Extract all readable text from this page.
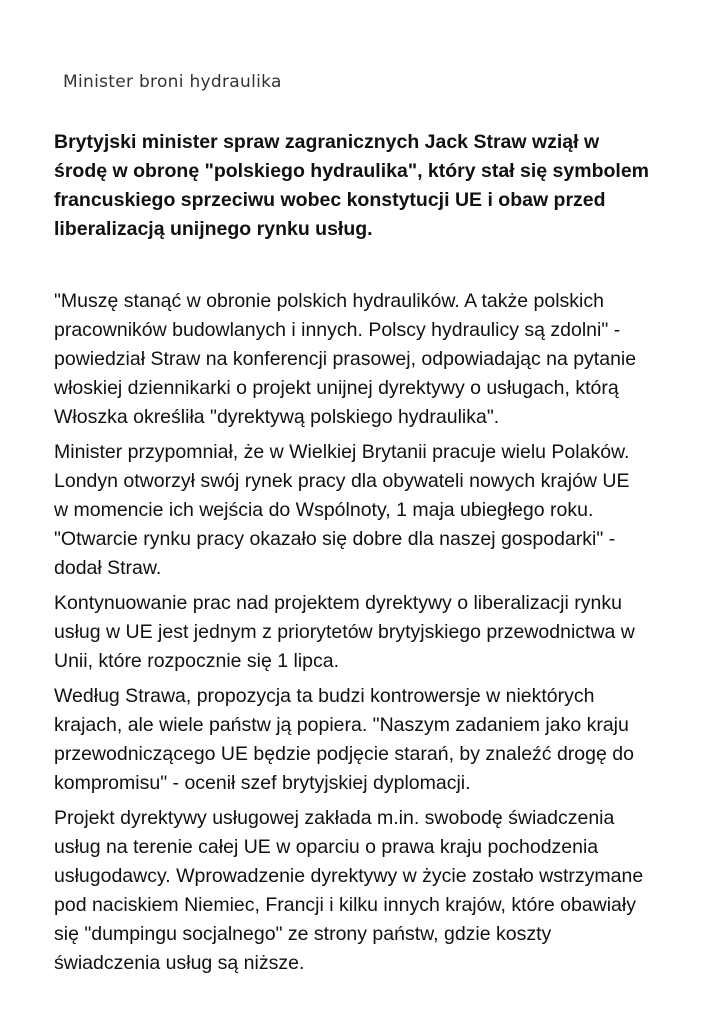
Minister broni hydraulika
Brytyjski minister spraw zagranicznych Jack Straw wziął w
środę w obronę "polskiego hydraulika", który stał się symbolem
francuskiego sprzeciwu wobec konstytucji UE i obaw przed
liberalizacją unijnego rynku usług.

"Muszę stanąć w obronie polskich hydraulików. A także polskich
pracowników budowlanych i innych. Polscy hydraulicy są zdolni" -
powiedział Straw na konferencji prasowej, odpowiadając na pytanie
włoskiej dziennikarki o projekt unijnej dyrektywy o usługach, którą
Włoszka określiła "dyrektywą polskiego hydraulika".

Minister przypomniał, że w Wielkiej Brytanii pracuje wielu Polaków.
Londyn otworzył swój rynek pracy dla obywateli nowych krajów UE
w momencie ich wejścia do Wspólnoty, 1 maja ubiegłego roku.
"Otwarcie rynku pracy okazało się dobre dla naszej gospodarki" -
dodał Straw.

Kontynuowanie prac nad projektem dyrektywy o liberalizacji rynku
usług w UE jest jednym z priorytetów brytyjskiego przewodnictwa w
Unii, które rozpocznie się 1 lipca.

Według Strawa, propozycja ta budzi kontrowersje w niektórych
krajach, ale wiele państw ją popiera. "Naszym zadaniem jako kraju
przewodniczącego UE będzie podjęcie starań, by znaleźć drogę do
kompromisu" - ocenił szef brytyjskiej dyplomacji.

Projekt dyrektywy usługowej zakłada m.in. swobodę świadczenia
usług na terenie całej UE w oparciu o prawa kraju pochodzenia
usługodawcy. Wprowadzenie dyrektywy w życie zostało wstrzymane
pod naciskiem Niemiec, Francji i kilku innych krajów, które obawiały
się "dumpingu socjalnego" ze strony państw, gdzie koszty
świadczenia usług są niższe.
